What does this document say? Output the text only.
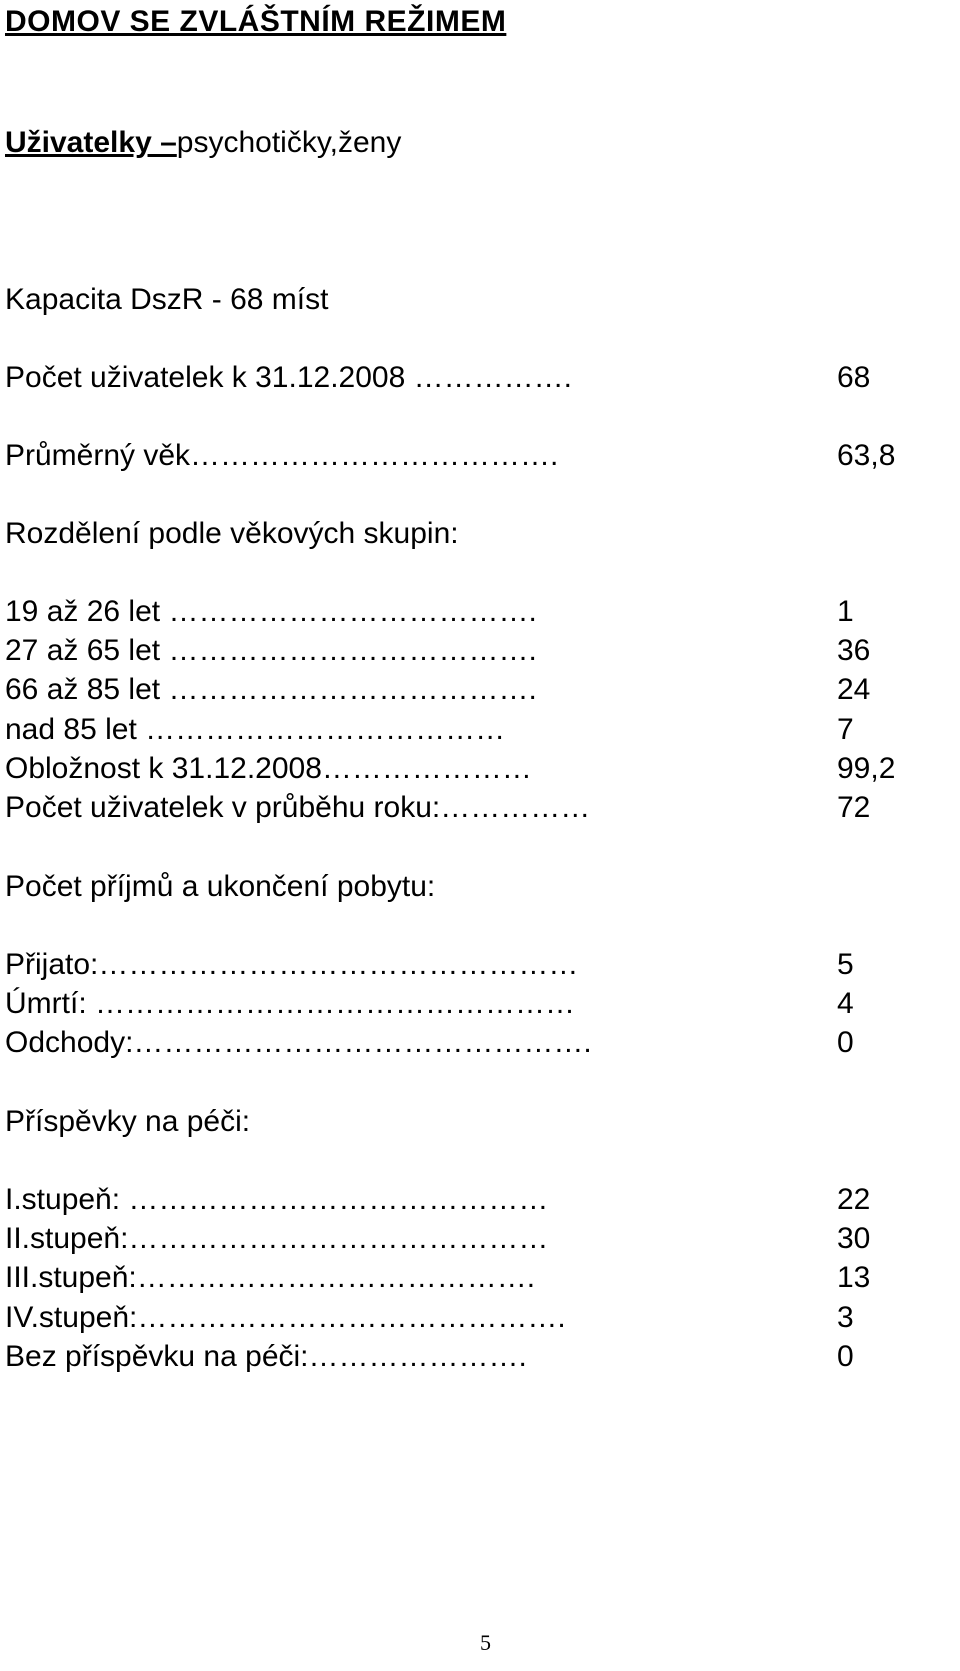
DOMOV SE ZVLÁŠTNÍM REŽIMEM
Uživatelky –psychotičky,ženy
Kapacita DszR - 68 míst
Počet uživatelek k 31.12.2008 …………….	68
Průměrný věk……………………………….	63,8
Rozdělení podle věkových skupin:
19 až 26 let ……………………………….	1
27 až 65 let ……………………………….	36
66 až 85 let ……………………………….	24
nad 85 let ………………………………	7
Obložnost k 31.12.2008…………………	99,2
Počet uživatelek v průběhu roku:……………	72
Počet příjmů a ukončení pobytu:
Přijato:…………………………………………	5
Úmrtí: …………………………………………	4
Odchody:……………………………………….	0
Příspěvky na péči:
I.stupeň: ……………………………………	22
II.stupeň:……………………………………	30
III.stupeň:………………………………….	13
IV.stupeň:…………………………………….	3
Bez příspěvku na péči:………………….	0
5
